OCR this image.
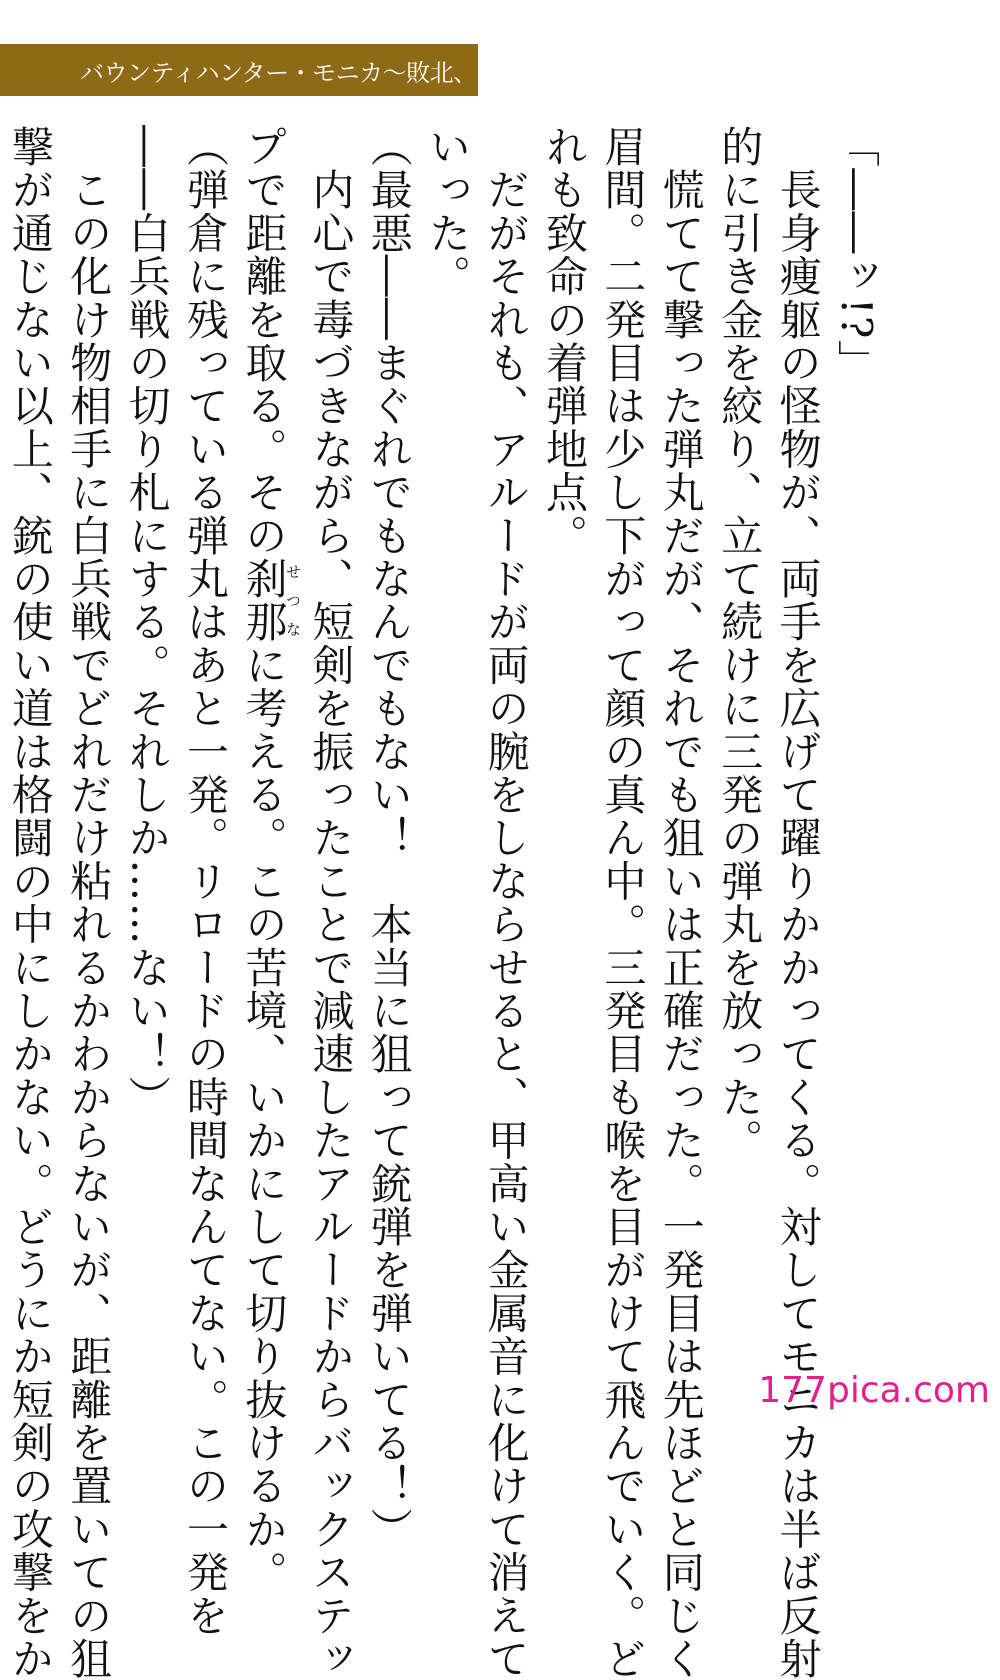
バウンティハンター・モニカ〜敗北、陵辱、晒し者〜

「――ッ!?」

　長身痩躯の怪物が、両手を広げて躍りかかってくる。対してモニカは半ば反射

的に引き金を絞り、立て続けに三発の弾丸を放った。

　慌てて撃った弾丸だが、それでも狙いは正確だった。一発目は先ほどと同じく

眉間。二発目は少し下がって顔の真ん中。三発目も喉を目がけて飛んでいく。ど

れも致命の着弾地点。

　だがそれも、アルードが両の腕をしならせると、甲高い金属音に化けて消えて

いった。

（最悪――まぐれでもなんでもない！　本当に狙って銃弾を弾いてる！）

　内心で毒づきながら、短剣を振ったことで減速したアルードからバックステッ

プで距離を取る。その刹那せつなに考える。この苦境、いかにして切り抜けるか。

（弾倉に残っている弾丸はあと一発。リロードの時間なんてない。この一発を

――白兵戦の切り札にする。それしか……ない！）

　この化け物相手に白兵戦でどれだけ粘れるかわからないが、距離を置いての狙

撃が通じない以上、銃の使い道は格闘の中にしかない。どうにか短剣の攻撃をか	177pica.com
